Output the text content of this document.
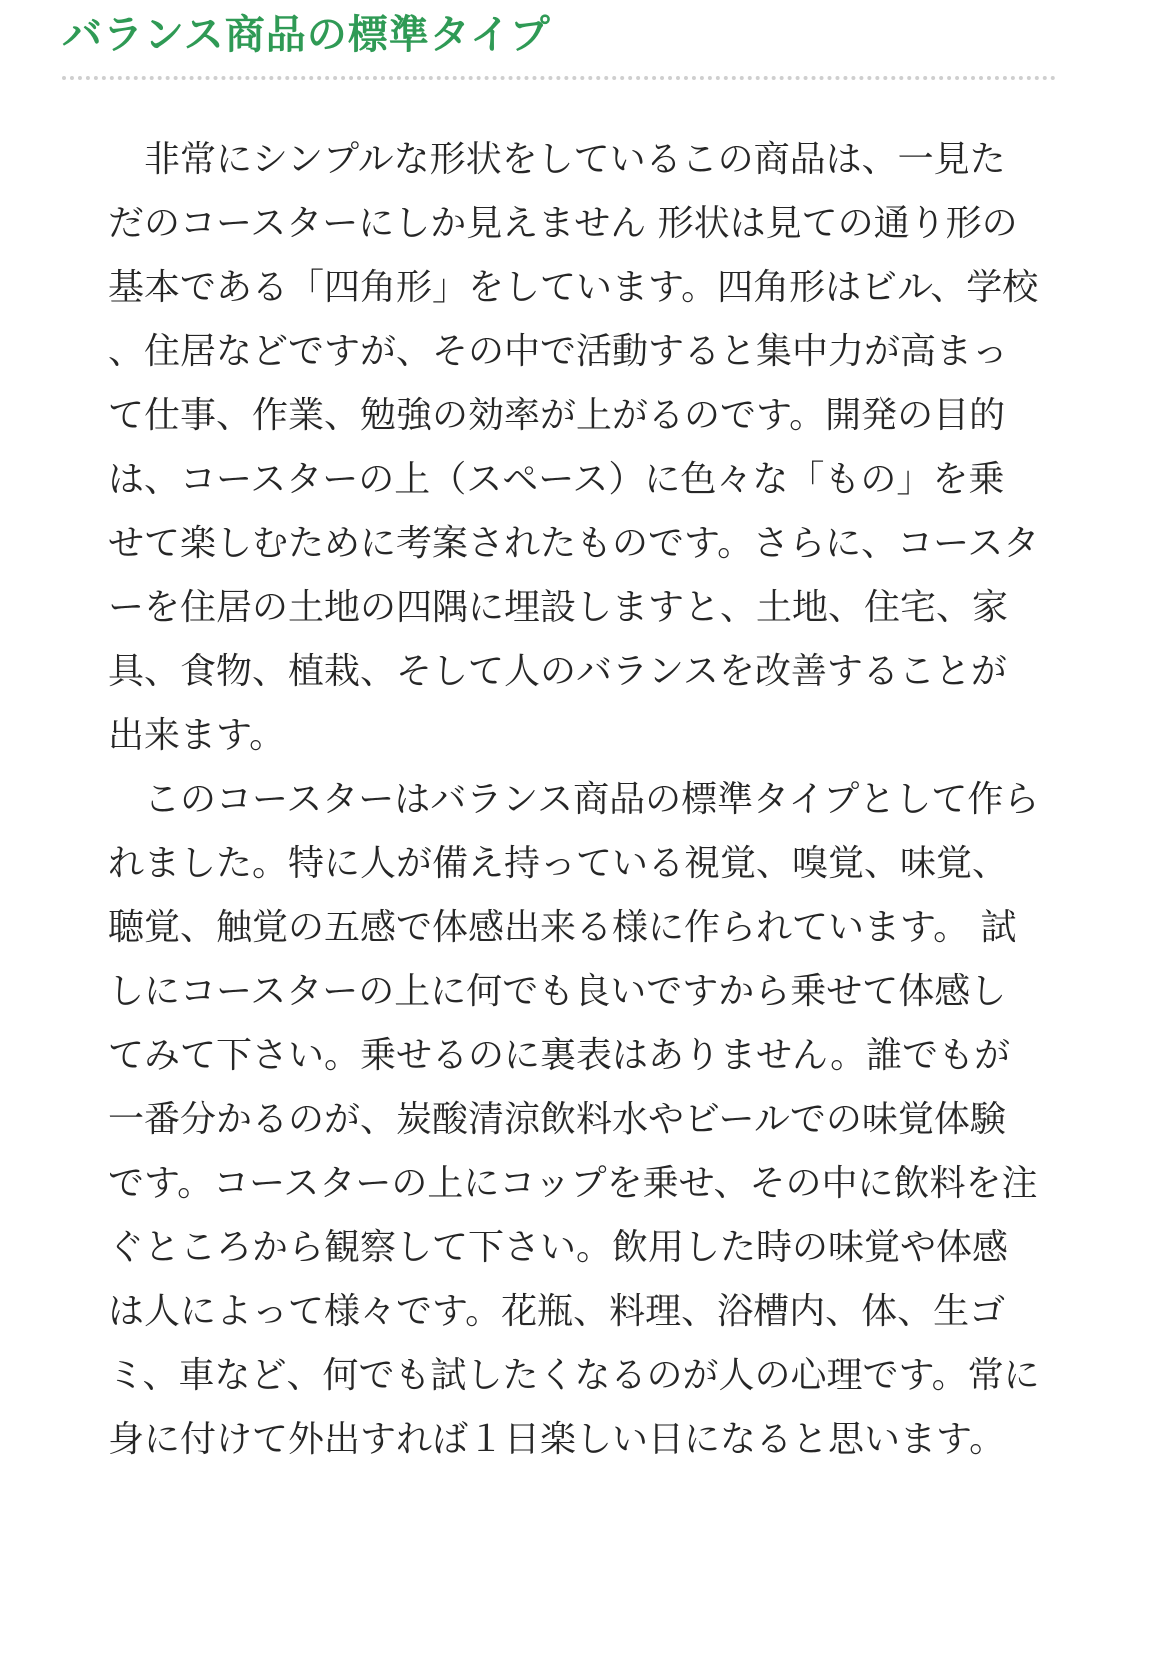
バランス商品の標準タイプ

非常にシンプルな形状をしているこの商品は、一見ただのコースターにしか見えません 形状は見ての通り形の基本である「四角形」をしています。四角形はビル、学校、住居などですが、その中で活動すると集中力が高まって仕事、作業、勉強の効率が上がるのです。開発の目的は、コースターの上（スペース）に色々な「もの」を乗せて楽しむために考案されたものです。さらに、コースターを住居の土地の四隅に埋設しますと、土地、住宅、家具、食物、植栽、そして人のバランスを改善することが出来ます。

このコースターはバランス商品の標準タイプとして作られました。特に人が備え持っている視覚、嗅覚、味覚、聴覚、触覚の五感で体感出来る様に作られています。 試しにコースターの上に何でも良いですから乗せて体感してみて下さい。乗せるのに裏表はありません。誰でもが一番分かるのが、炭酸清涼飲料水やビールでの味覚体験です。コースターの上にコップを乗せ、その中に飲料を注ぐところから観察して下さい。飲用した時の味覚や体感は人によって様々です。花瓶、料理、浴槽内、体、生ゴミ、車など、何でも試したくなるのが人の心理です。常に身に付けて外出すれば１日楽しい日になると思います。
